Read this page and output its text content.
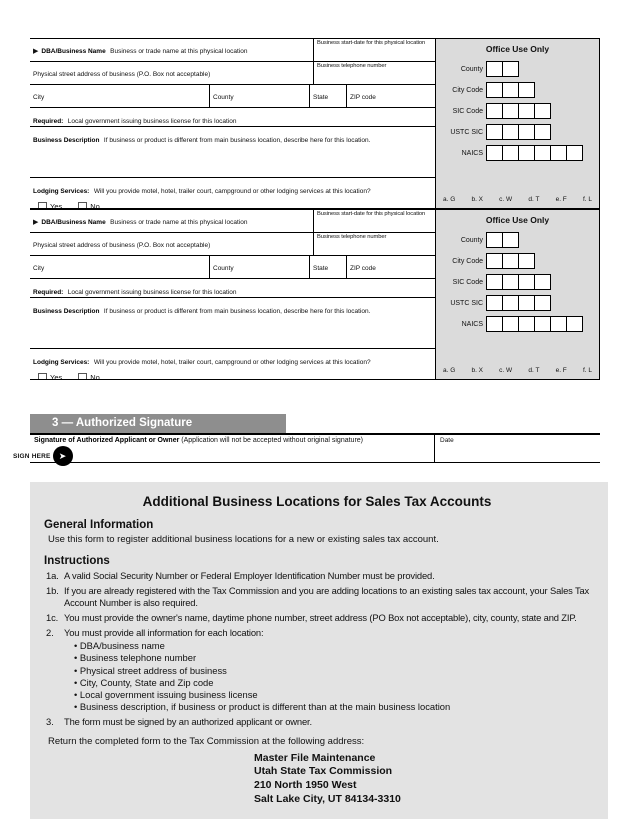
▶ DBA/Business Name Business or trade name at this physical location
Business start-date for this physical location
Physical street address of business (P.O. Box not acceptable)
Business telephone number
City	County	State	ZIP code
Required: Local government issuing business license for this location
Business Description If business or product is different from main business location, describe here for this location.
Lodging Services: Will you provide motel, hotel, trailer court, campground or other lodging services at this location?
Yes	No
Office Use Only
County
City Code
SIC Code
USTC SIC
NAICS
a. G b. X c. W d. T e. F f. L
▶ DBA/Business Name Business or trade name at this physical location
Business start-date for this physical location
Physical street address of business (P.O. Box not acceptable)
Business telephone number
City	County	State	ZIP code
Required: Local government issuing business license for this location
Business Description If business or product is different from main business location, describe here for this location.
Lodging Services: Will you provide motel, hotel, trailer court, campground or other lodging services at this location?
Yes	No
Office Use Only
County
City Code
SIC Code
USTC SIC
NAICS
a. G b. X c. W d. T e. F f. L
3 — Authorized Signature
Signature of Authorized Applicant or Owner (Application will not be accepted without original signature)	Date
SIGN HERE ➤
Additional Business Locations for Sales Tax Accounts
General Information
Use this form to register additional business locations for a new or existing sales tax account.
Instructions
1a. A valid Social Security Number or Federal Employer Identification Number must be provided.
1b. If you are already registered with the Tax Commission and you are adding locations to an existing sales tax account, your Sales Tax Account Number is also required.
1c. You must provide the owner's name, daytime phone number, street address (PO Box not acceptable), city, county, state and ZIP.
2.	You must provide all information for each location:
• DBA/business name
• Business telephone number
• Physical street address of business
• City, County, State and Zip code
• Local government issuing business license
• Business description, if business or product is different than at the main business location
3.	The form must be signed by an authorized applicant or owner.
Return the completed form to the Tax Commission at the following address:
Master File Maintenance
Utah State Tax Commission
210 North 1950 West
Salt Lake City, UT 84134-3310
